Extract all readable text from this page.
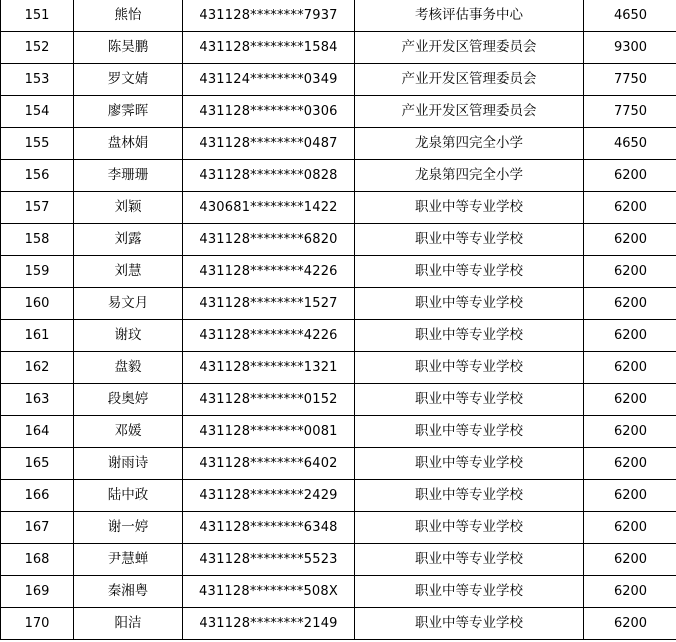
151	熊怡	431128********7937	考核评估事务中心	4650
152	陈昊鹏	431128********1584	产业开发区管理委员会	9300
153	罗文婧	431124********0349	产业开发区管理委员会	7750
154	廖霁晖	431128********0306	产业开发区管理委员会	7750
155	盘林娟	431128********0487	龙泉第四完全小学	4650
156	李珊珊	431128********0828	龙泉第四完全小学	6200
157	刘颖	430681********1422	职业中等专业学校	6200
158	刘露	431128********6820	职业中等专业学校	6200
159	刘慧	431128********4226	职业中等专业学校	6200
160	易文月	431128********1527	职业中等专业学校	6200
161	谢玟	431128********4226	职业中等专业学校	6200
162	盘毅	431128********1321	职业中等专业学校	6200
163	段奥婷	431128********0152	职业中等专业学校	6200
164	邓媛	431128********0081	职业中等专业学校	6200
165	谢雨诗	431128********6402	职业中等专业学校	6200
166	陆中政	431128********2429	职业中等专业学校	6200
167	谢一婷	431128********6348	职业中等专业学校	6200
168	尹慧蝉	431128********5523	职业中等专业学校	6200
169	秦湘粤	431128********508X	职业中等专业学校	6200
170	阳洁	431128********2149	职业中等专业学校	6200
